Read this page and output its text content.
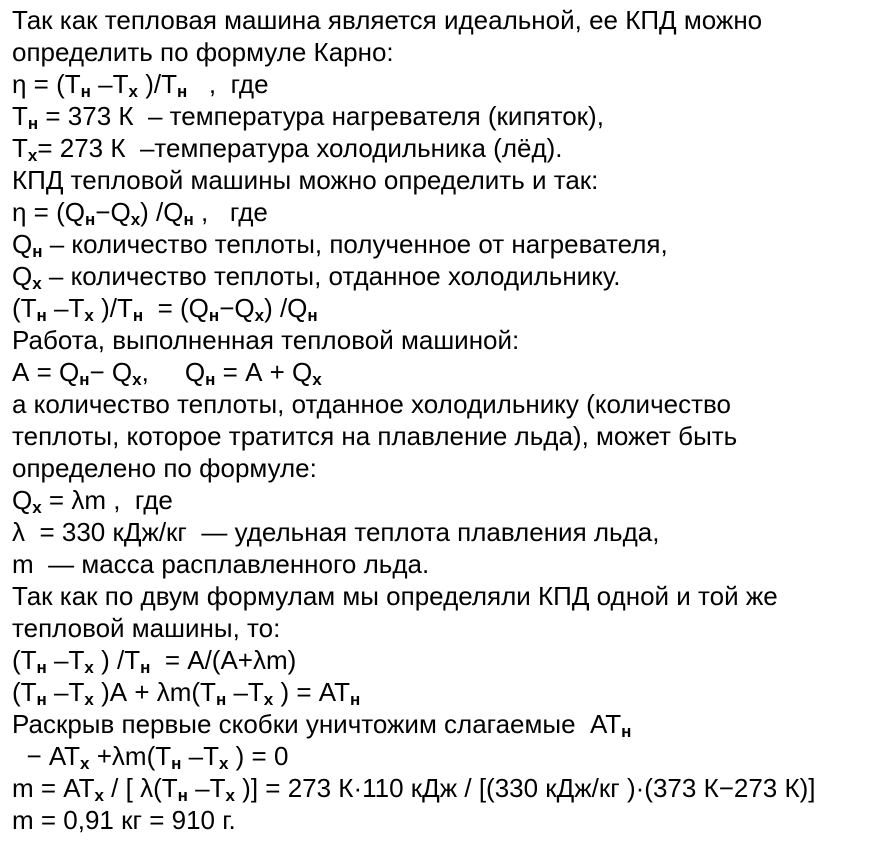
Так как тепловая машина является идеальной, ее КПД можно
определить по формуле Карно:
$\eta = (Т_н$ $-Т_х$ )$/Т_н$   ,  где
$Т_н = 373$ К  – температура нагревателя (кипяток),
$Т_х= 273$ К  –температура холодильника (лёд).
КПД тепловой машины можно определить и так:
$\eta = (Q_н-Q_х)$ $/Q_н$ ,   где
$Q_н$ – количество теплоты, полученное от нагревателя,
$Q_х$ – количество теплоты, отданное холодильнику.
($Т_н$ $-Т_х$ )$/Т_н = (Q_н-Q_х)$ $/Q_н$
Работа, выполненная тепловой машиной:
$А = Q_н- Q_х$,     $Q_н = А + Q_х$
а количество теплоты, отданное холодильнику (количество
теплоты, которое тратится на плавление льда), может быть
определено по формуле:
$Q_х = \lambda m$ ,  где
λ  = 330 кДж/кг  — удельная теплота плавления льда,
m  — масса расплавленного льда.
Так как по двум формулам мы определяли КПД одной и той же
тепловой машины, то:
($Т_н$ $-Т_х$ ) $/Т_н = А/(А+\lambda m)$
($Т_н$ $-Т_х$ )$А + \lambda m(Т_н$ $-Т_х$ ) = $АТ_н$
Раскрыв первые скобки уничтожим слагаемые  $АТ_н$
− $АТ_х +\lambda m(Т_н$ $-Т_х$ ) = 0
$m = АТ_х$ / [ $\lambda(Т_н$ $-Т_х$ )] = 273 К·110 кДж / [(330 кДж/кг )·(373 К−273 К)]
m = 0,91 кг = 910 г.
